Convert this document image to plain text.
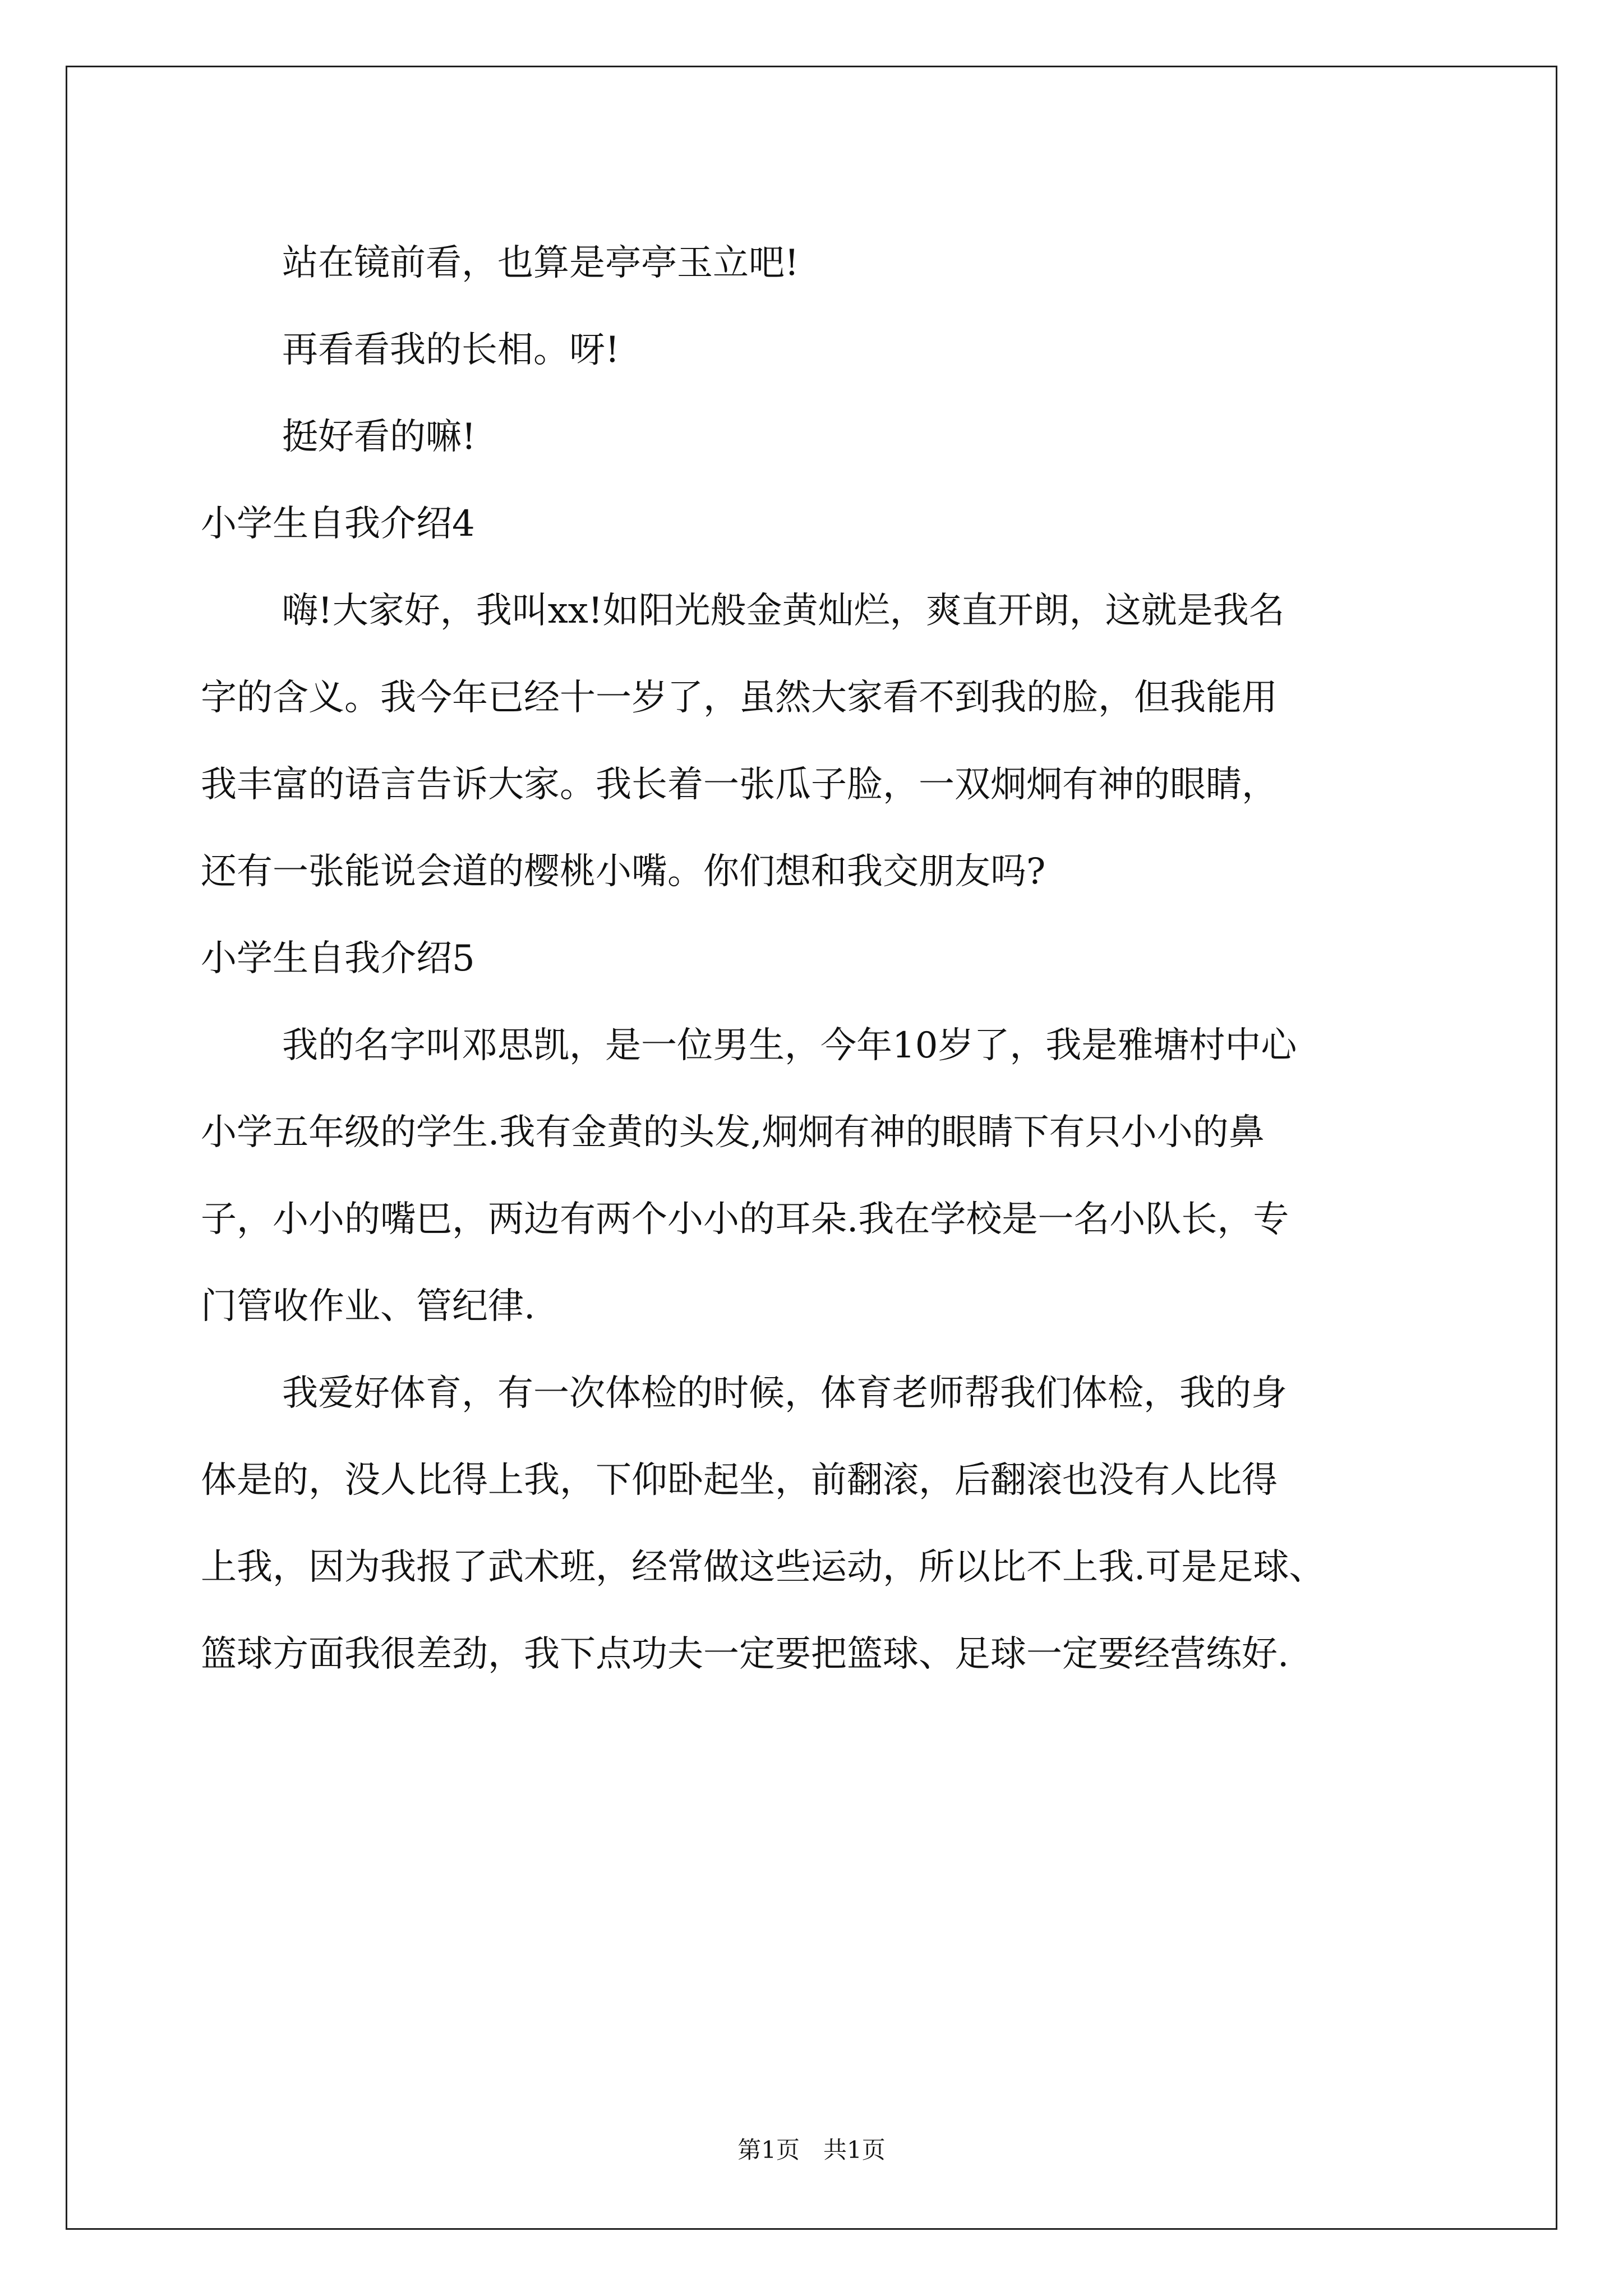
站在镜前看，也算是亭亭玉立吧!
再看看我的长相。呀!
挺好看的嘛!
小学生自我介绍4
嗨!大家好，我叫xx!如阳光般金黄灿烂，爽直开朗，这就是我名
字的含义。我今年已经十一岁了，虽然大家看不到我的脸，但我能用
我丰富的语言告诉大家。我长着一张瓜子脸，一双炯炯有神的眼睛，
还有一张能说会道的樱桃小嘴。你们想和我交朋友吗?
小学生自我介绍5
我的名字叫邓思凯，是一位男生，今年10岁了，我是雅塘村中心
小学五年级的学生.我有金黄的头发,炯炯有神的眼睛下有只小小的鼻
子，小小的嘴巴，两边有两个小小的耳朵.我在学校是一名小队长，专
门管收作业、管纪律.
我爱好体育，有一次体检的时候，体育老师帮我们体检，我的身
体是的，没人比得上我，下仰卧起坐，前翻滚，后翻滚也没有人比得
上我，因为我报了武术班，经常做这些运动，所以比不上我.可是足球、
篮球方面我很差劲，我下点功夫一定要把篮球、足球一定要经营练好.
第1页　共1页
